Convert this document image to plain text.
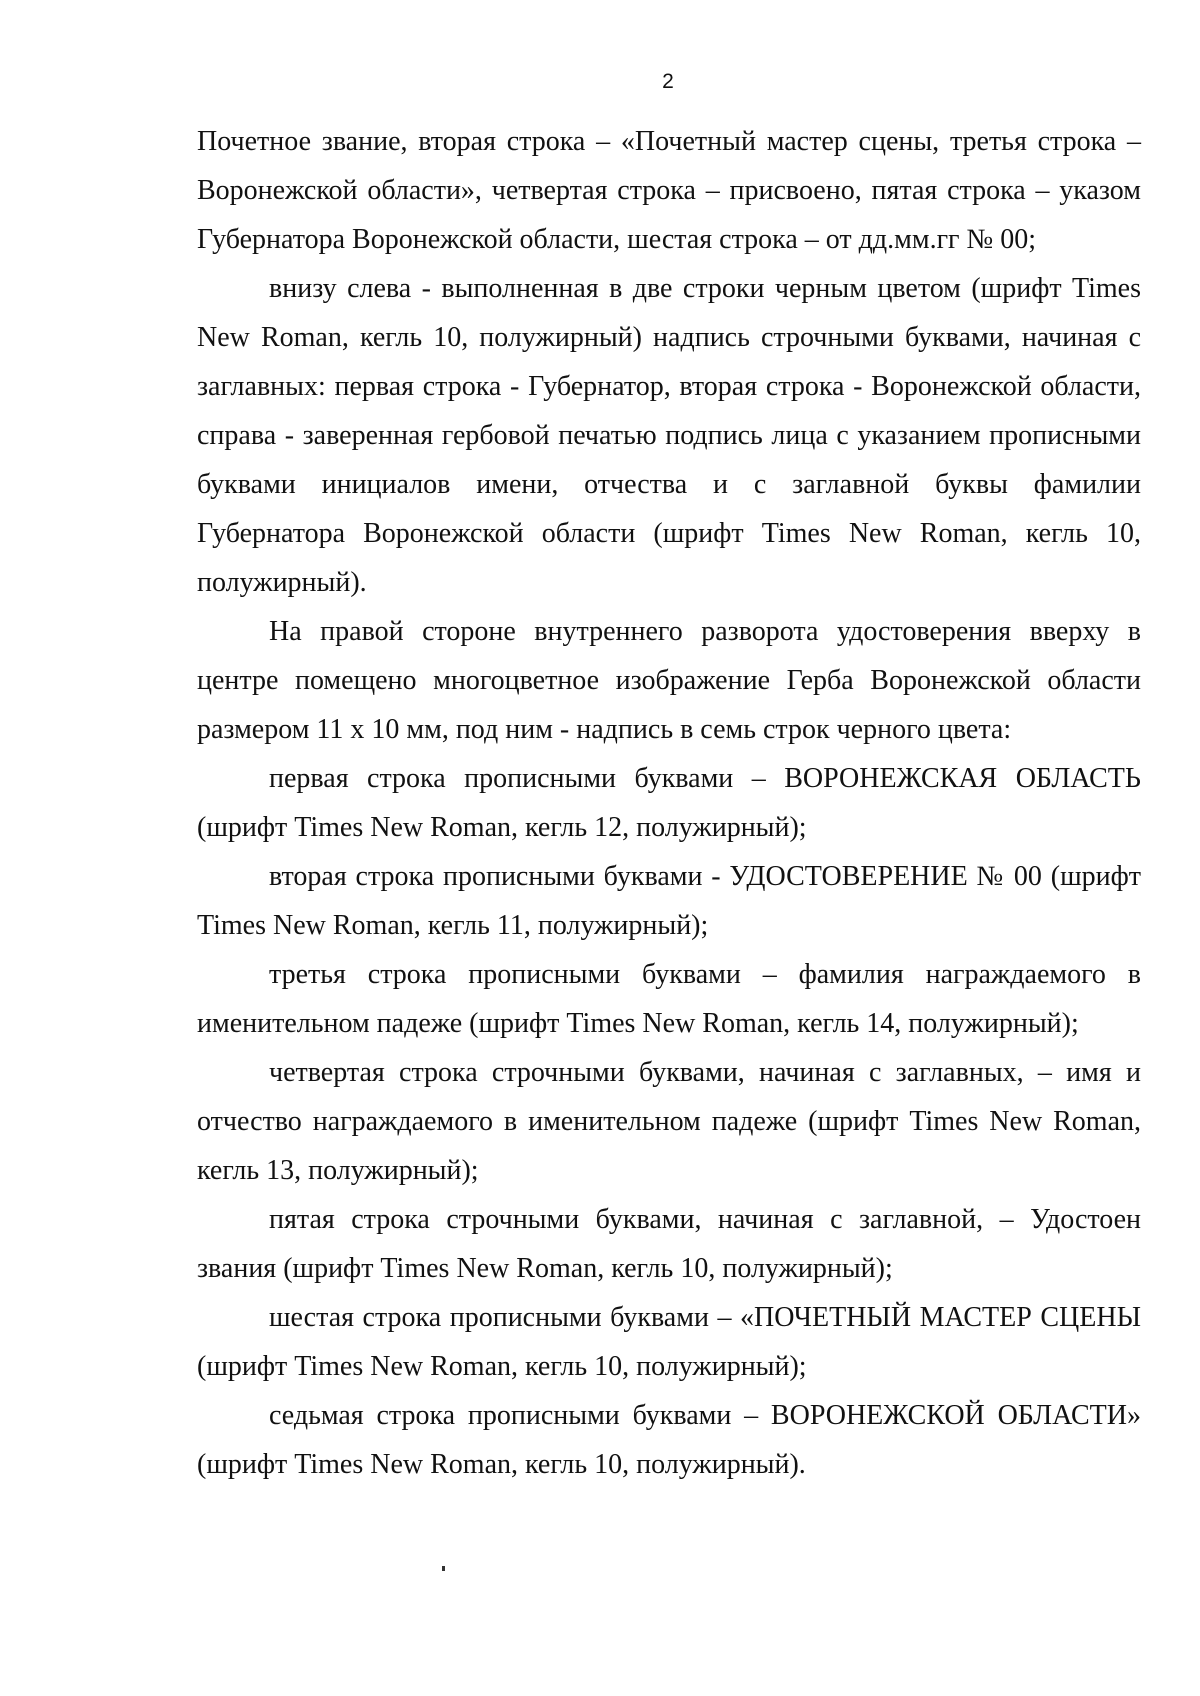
2

Почетное звание, вторая строка – «Почетный мастер сцены, третья строка – Воронежской области», четвертая строка – присвоено, пятая строка – указом Губернатора Воронежской области, шестая строка – от дд.мм.гг № 00;

внизу слева - выполненная в две строки черным цветом (шрифт Times New Roman, кегль 10, полужирный) надпись строчными буквами, начиная с заглавных: первая строка - Губернатор, вторая строка - Воронежской области, справа - заверенная гербовой печатью подпись лица с указанием прописными буквами инициалов имени, отчества и с заглавной буквы фамилии Губернатора Воронежской области (шрифт Times New Roman, кегль 10, полужирный).

На правой стороне внутреннего разворота удостоверения вверху в центре помещено многоцветное изображение Герба Воронежской области размером 11 х 10 мм, под ним - надпись в семь строк черного цвета:

первая строка прописными буквами – ВОРОНЕЖСКАЯ ОБЛАСТЬ (шрифт Times New Roman, кегль 12, полужирный);

вторая строка прописными буквами - УДОСТОВЕРЕНИЕ № 00 (шрифт Times New Roman, кегль 11, полужирный);

третья строка прописными буквами – фамилия награждаемого в именительном падеже (шрифт Times New Roman, кегль 14, полужирный);

четвертая строка строчными буквами, начиная с заглавных, – имя и отчество награждаемого в именительном падеже (шрифт Times New Roman, кегль 13, полужирный);

пятая строка строчными буквами, начиная с заглавной, – Удостоен звания (шрифт Times New Roman, кегль 10, полужирный);

шестая строка прописными буквами – «ПОЧЕТНЫЙ МАСТЕР СЦЕНЫ (шрифт Times New Roman, кегль 10, полужирный);

седьмая строка прописными буквами – ВОРОНЕЖСКОЙ ОБЛАСТИ» (шрифт Times New Roman, кегль 10, полужирный).
